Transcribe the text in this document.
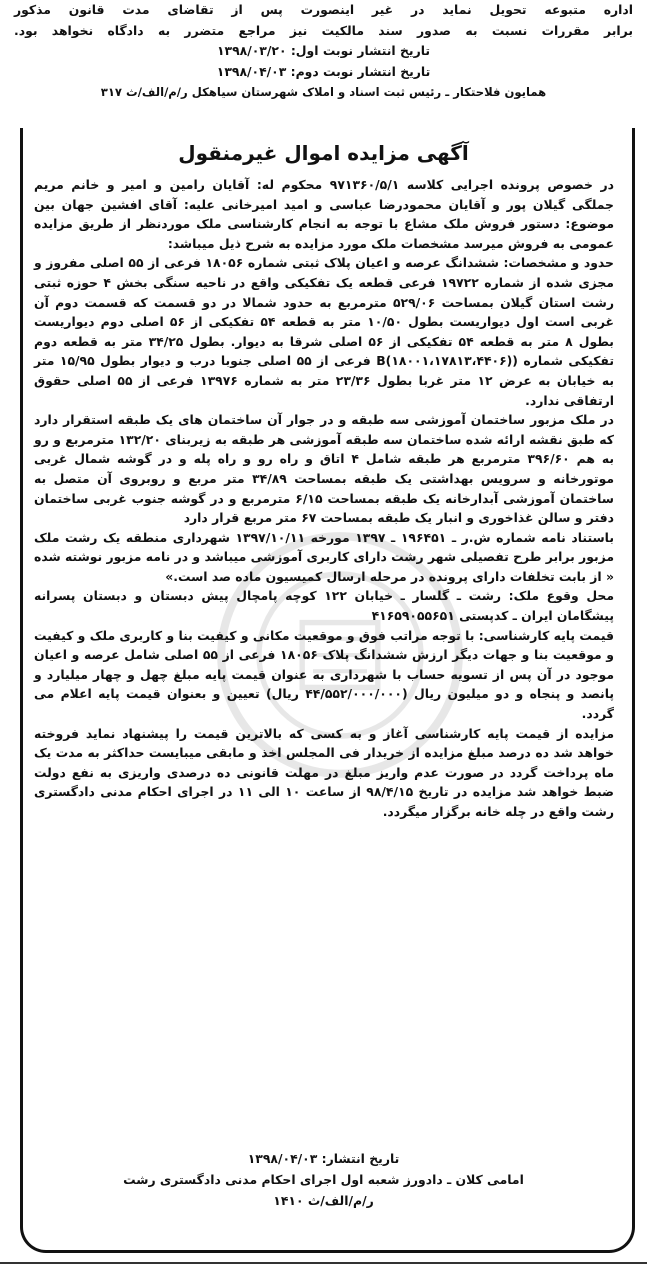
اداره متبوعه تحویل نماید در غیر اینصورت پس از تقاضای مدت قانون مذکور
برابر مقررات نسبت به صدور سند مالکیت نیز مراجع متضرر به دادگاه نخواهد بود.
تاریخ انتشار نوبت اول: ۱۳۹۸/۰۳/۲۰
تاریخ انتشار نوبت دوم: ۱۳۹۸/۰۴/۰۳
همایون فلاحتکار ـ رئیس ثبت اسناد و املاک شهرستان سیاهکل ر/م/الف/ث ۳۱۷
آگهی مزایده اموال غیرمنقول

در خصوص پرونده اجرایی کلاسه ۹۷۱۳۶۰/۵/۱ محکوم له: آقایان رامین و امیر و خانم مریم جملگی گیلان پور و آقایان محمودرضا عباسی و امید امیرخانی علیه: آقای افشین جهان بین موضوع: دستور فروش ملک مشاع با توجه به انجام کارشناسی ملک موردنظر از طریق مزایده عمومی به فروش میرسد مشخصات ملک مورد مزایده به شرح ذیل میباشد:

حدود و مشخصات: ششدانگ عرصه و اعیان پلاک ثبتی شماره ۱۸۰۵۶ فرعی از ۵۵ اصلی مفروز و مجزی شده از شماره ۱۹۷۲۲ فرعی قطعه یک تفکیکی واقع در ناحیه سنگی بخش ۴ حوزه ثبتی رشت استان گیلان بمساحت ۵۲۹/۰۶ مترمربع به حدود شمالا در دو قسمت که قسمت دوم آن غربی است اول دیواریست بطول ۱۰/۵۰ متر به قطعه ۵۴ تفکیکی از ۵۶ اصلی دوم دیواریست بطول ۸ متر به قطعه ۵۴ تفکیکی از ۵۶ اصلی شرقا به دیوار. بطول ۳۴/۲۵ متر به قطعه دوم تفکیکی شماره ((B(۱۸۰۰۱،۱۷۸۱۳،۴۴۰۶ فرعی از ۵۵ اصلی جنوبا درب و دیوار بطول ۱۵/۹۵ متر به خیابان به عرض ۱۲ متر غربا بطول ۲۳/۳۶ متر به شماره ۱۳۹۷۶ فرعی از ۵۵ اصلی حقوق ارتفاقی ندارد.

در ملک مزبور ساختمان آموزشی سه طبقه و در جوار آن ساختمان های یک طبقه استقرار دارد که طبق نقشه ارائه شده ساختمان سه طبقه آموزشی هر طبقه به زیربنای ۱۳۲/۲۰ مترمربع و رو به هم ۳۹۶/۶۰ مترمربع هر طبقه شامل ۴ اتاق و راه رو و راه پله و در گوشه شمال غربی موتورخانه و سرویس بهداشتی یک طبقه بمساحت ۳۴/۸۹ متر مربع و روبروی آن متصل به ساختمان آموزشی آبدارخانه یک طبقه بمساحت ۶/۱۵ مترمربع و در گوشه جنوب غربی ساختمان دفتر و سالن غذاخوری و انبار یک طبقه بمساحت ۶۷ متر مربع قرار دارد

باستناد نامه شماره ش.ر ـ ۱۹۶۴۵۱ ـ ۱۳۹۷ مورخه ۱۳۹۷/۱۰/۱۱ شهرداری منطقه یک رشت ملک مزبور برابر طرح تفصیلی شهر رشت دارای کاربری آموزشی میباشد و در نامه مزبور نوشته شده « از بابت تخلفات دارای پرونده در مرحله ارسال کمیسیون ماده صد است.»

محل وقوع ملک: رشت ـ گلسار ـ خیابان ۱۲۲ کوچه پامچال پیش دبستان و دبستان پسرانه پیشگامان ایران ـ کدپستی ۴۱۶۵۹۰۵۵۶۵۱

قیمت پایه کارشناسی: با توجه مراتب فوق و موقعیت مکانی و کیفیت بنا و کاربری ملک و کیفیت و موقعیت بنا و جهات دیگر ارزش ششدانگ پلاک ۱۸۰۵۶ فرعی از ۵۵ اصلی شامل عرصه و اعیان موجود در آن پس از تسویه حساب با شهرداری به عنوان قیمت پایه مبلغ چهل و چهار میلیارد و پانصد و پنجاه و دو میلیون ریال (۴۴/۵۵۲/۰۰۰/۰۰۰ ریال) تعیین و بعنوان قیمت پایه اعلام می گردد.

مزایده از قیمت پایه کارشناسی آغاز و به کسی که بالاترین قیمت را پیشنهاد نماید فروخته خواهد شد ده درصد مبلغ مزایده از خریدار فی المجلس اخذ و مابقی میبایست حداکثر به مدت یک ماه پرداخت گردد در صورت عدم واریز مبلغ در مهلت قانونی ده درصدی واریزی به نفع دولت ضبط خواهد شد مزایده در تاریخ ۹۸/۴/۱۵ از ساعت ۱۰ الی ۱۱ در اجرای احکام مدنی دادگستری رشت واقع در چله خانه برگزار میگردد.

تاریخ انتشار: ۱۳۹۸/۰۴/۰۳
امامی کلان ـ دادورز شعبه اول اجرای احکام مدنی دادگستری رشت
ر/م/الف/ث ۱۴۱۰
